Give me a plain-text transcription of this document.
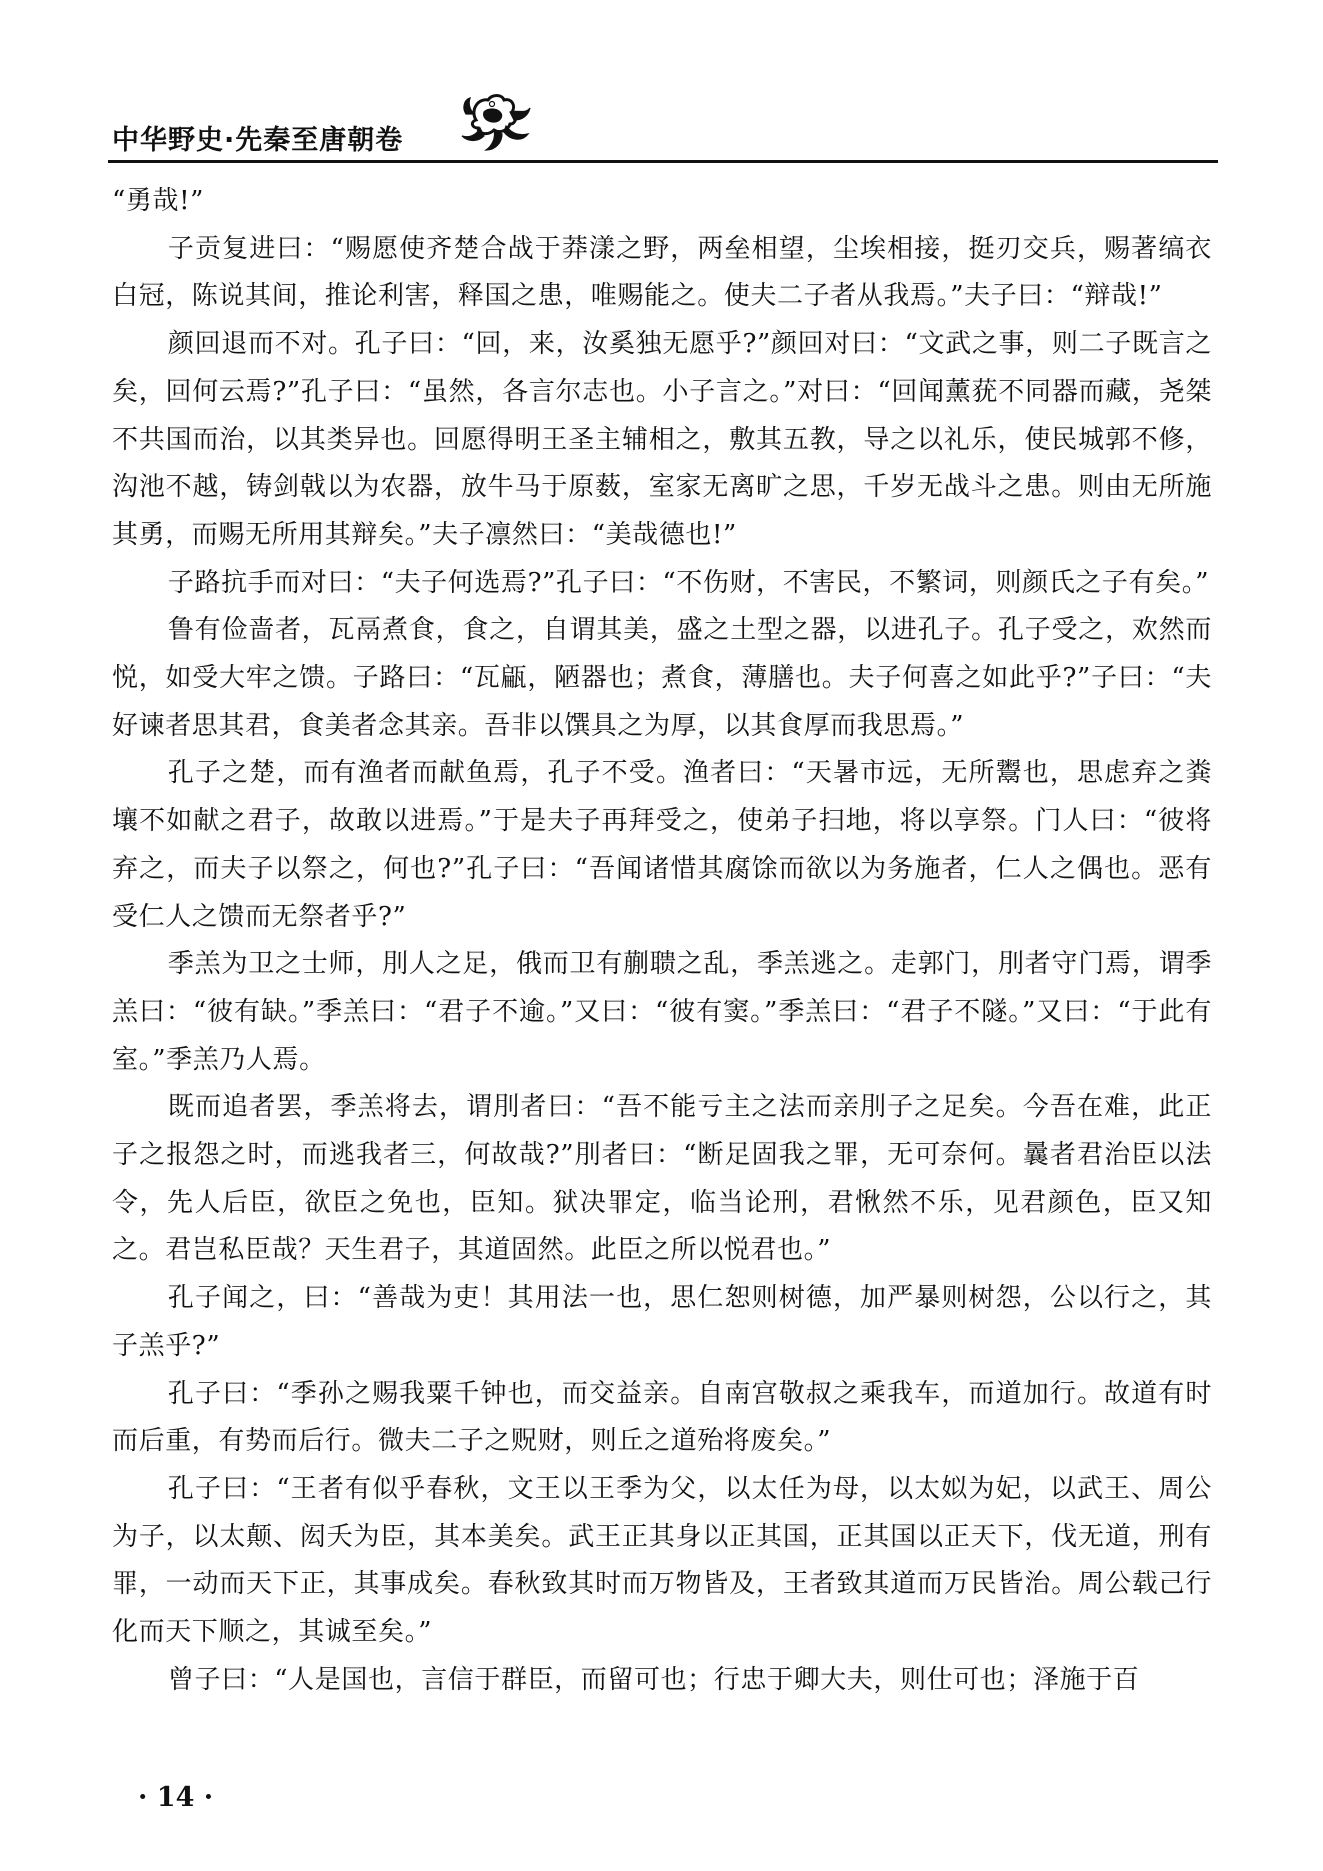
中华野史·先秦至唐朝卷

“勇哉!”

子贡复进曰：“赐愿使齐楚合战于莽漾之野，两垒相望，尘埃相接，挺刃交兵，赐著缟衣白冠，陈说其间，推论利害，释国之患，唯赐能之。使夫二子者从我焉。”夫子曰：“辩哉!”

颜回退而不对。孔子曰：“回，来，汝奚独无愿乎?”颜回对曰：“文武之事，则二子既言之矣，回何云焉?”孔子曰：“虽然，各言尔志也。小子言之。”对曰：“回闻薰莸不同器而藏，尧桀不共国而治，以其类异也。回愿得明王圣主辅相之，敷其五教，导之以礼乐，使民城郭不修，沟池不越，铸剑戟以为农器，放牛马于原薮，室家无离旷之思，千岁无战斗之患。则由无所施其勇，而赐无所用其辩矣。”夫子凛然曰：“美哉德也!”

子路抗手而对曰：“夫子何选焉?”孔子曰：“不伤财，不害民，不繁词，则颜氏之子有矣。”

鲁有俭啬者，瓦鬲煮食，食之，自谓其美，盛之土型之器，以进孔子。孔子受之，欢然而悦，如受大牢之馈。子路曰：“瓦甂，陋器也；煮食，薄膳也。夫子何喜之如此乎?”子曰：“夫好谏者思其君，食美者念其亲。吾非以馔具之为厚，以其食厚而我思焉。”

孔子之楚，而有渔者而献鱼焉，孔子不受。渔者曰：“天暑市远，无所鬻也，思虑弃之粪壤不如献之君子，故敢以进焉。”于是夫子再拜受之，使弟子扫地，将以享祭。门人曰：“彼将弃之，而夫子以祭之，何也?”孔子曰：“吾闻诸惜其腐馀而欲以为务施者，仁人之偶也。恶有受仁人之馈而无祭者乎?”

季羔为卫之士师，刖人之足，俄而卫有蒯聩之乱，季羔逃之。走郭门，刖者守门焉，谓季羔曰：“彼有缺。”季羔曰：“君子不逾。”又曰：“彼有窦。”季羔曰：“君子不隧。”又曰：“于此有室。”季羔乃人焉。

既而追者罢，季羔将去，谓刖者曰：“吾不能亏主之法而亲刖子之足矣。今吾在难，此正子之报怨之时，而逃我者三，何故哉?”刖者曰：“断足固我之罪，无可奈何。曩者君治臣以法令，先人后臣，欲臣之免也，臣知。狱决罪定，临当论刑，君愀然不乐，见君颜色，臣又知之。君岂私臣哉？天生君子，其道固然。此臣之所以悦君也。”

孔子闻之，曰：“善哉为吏！其用法一也，思仁恕则树德，加严暴则树怨，公以行之，其子羔乎?”

孔子曰：“季孙之赐我粟千钟也，而交益亲。自南宫敬叔之乘我车，而道加行。故道有时而后重，有势而后行。微夫二子之贶财，则丘之道殆将废矣。”

孔子曰：“王者有似乎春秋，文王以王季为父，以太任为母，以太姒为妃，以武王、周公为子，以太颠、闳夭为臣，其本美矣。武王正其身以正其国，正其国以正天下，伐无道，刑有罪，一动而天下正，其事成矣。春秋致其时而万物皆及，王者致其道而万民皆治。周公载己行化而天下顺之，其诚至矣。”

曾子曰：“人是国也，言信于群臣，而留可也；行忠于卿大夫，则仕可也；泽施于百

· 14 ·
